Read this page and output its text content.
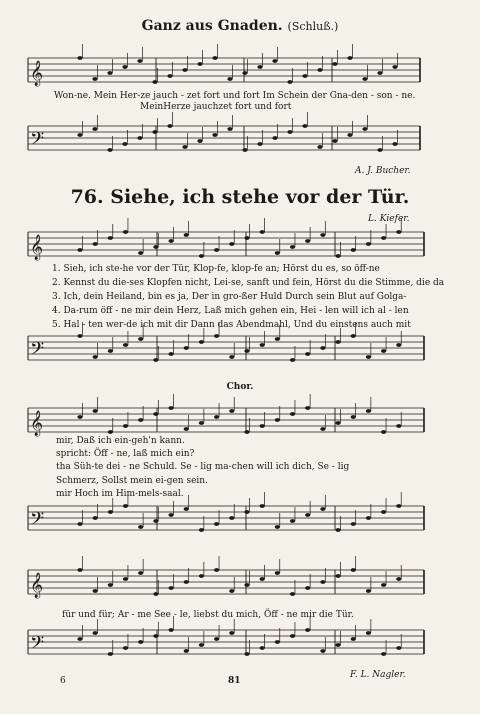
Ganz aus Gnaden. (Schluß.)
𝄞
𝄢
𝄞
𝄢
𝄞
𝄢
𝄞
𝄢
Won-ne. Mein Her-ze jauch - zet fort und fort Im Schein der Gna-den - son - ne.
MeinHerze jauchzet fort und fort
A. J. Bucher.
76. Siehe, ich stehe vor der Tür.
L. Kiefer.
1. Sieh, ich ste-he vor der Tür, Klop-fe, klop-fe an; Hörst du es, so öff-ne
2. Kennst du die-ses Klopfen nicht, Lei-se, sanft und fein, Hörst du die Stimme, die da
3. Ich, dein Heiland, bin es ja, Der in gro-ßer Huld Durch sein Blut auf Golga-
4. Da-rum öff - ne mir dein Herz, Laß mich gehen ein, Hei - len will ich al - len
5. Hal - ten wer-de ich mit dir Dann das Abendmahl, Und du einstens auch mit
Chor.
mir, Daß ich ein-geh'n kann.
spricht: Öff - ne, laß mich ein?
tha Süh-te dei - ne Schuld. Se - lig ma-chen will ich dich, Se - lig
Schmerz, Sollst mein ei-gen sein.
mir Hoch im Him-mels-saal.
für und für; Ar - me See - le, liebst du mich, Öff - ne mir die Tür.
F. L. Nagler.
6	81
